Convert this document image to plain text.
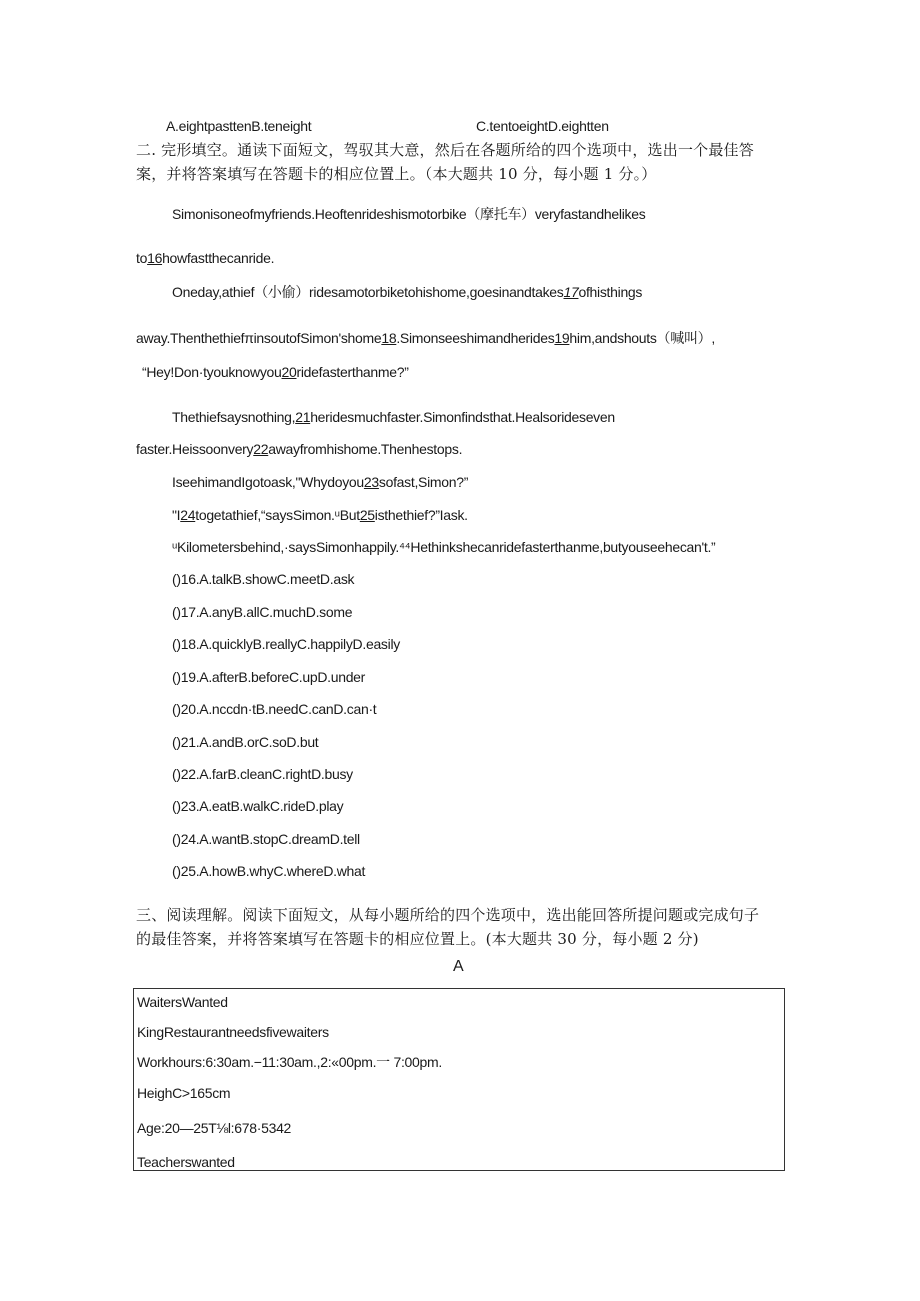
A.eightpasttenB.teneight	C.tentoeightD.eightten
二. 完形填空。通读下面短文，驾驭其大意，然后在各题所给的四个选项中，选出一个最佳答
案，并将答案填写在答题卡的相应位置上。（本大题共 10 分，每小题 1 分。）
Simonisoneofmyfriends.Heoftenrideshismotorbike（摩托车）veryfastandhelikes
to16howfastthecanride.
Oneday,athief（小偷）ridesamotorbiketohishome,goesinandtakes17ofhisthings
away.ThenthethiefπinsoutofSimon'shome18.Simonseeshimandherides19him,andshouts（喊叫）,
“Hey!Don·tyouknowyou20ridefasterthanme?”
Thethiefsaysnothing,21heridesmuchfaster.Simonfindsthat.Healsorideseven
faster.Heissoonvery22awayfromhishome.Thenhestops.
IseehimandIgotoask,"Whydoyou23sofast,Simon?”
"I24togetathief,“saysSimon.ᵘBut25isthethief?”Iask.
ᵘKilometersbehind,·saysSimonhappily.⁴⁴Hethinkshecanridefasterthanme,butyouseehecan't.”
()16.A.talkB.showC.meetD.ask
()17.A.anyB.allC.muchD.some
()18.A.quicklyB.reallyC.happilyD.easily
()19.A.afterB.beforeC.upD.under
()20.A.nccdn·tB.needC.canD.can·t
()21.A.andB.orC.soD.but
()22.A.farB.cleanC.rightD.busy
()23.A.eatB.walkC.rideD.play
()24.A.wantB.stopC.dreamD.tell
()25.A.howB.whyC.whereD.what
三、阅读理解。阅读下面短文，从每小题所给的四个选项中，选出能回答所提问题或完成句子
的最佳答案，并将答案填写在答题卡的相应位置上。(本大题共 30 分，每小题 2 分)
A
WaitersWanted
KingRestaurantneedsfivewaiters
Workhours:6:30am.−11:30am.,2:«00pm.一 7:00pm.
HeighC>165cm
Age:20—25T⅛l:678·5342
Teacherswanted
